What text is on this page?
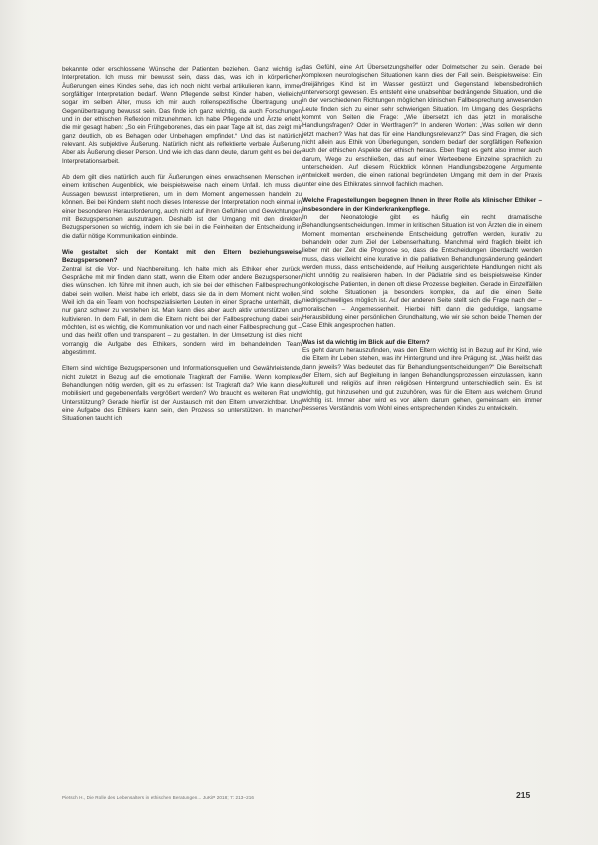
bekannte oder erschlossene Wünsche der Patienten beziehen. Ganz wichtig ist Interpretation. Ich muss mir bewusst sein, dass das, was ich in körperlichen Äußerungen eines Kindes sehe, das ich noch nicht verbal artikulieren kann, immer sorgfältiger Interpretation bedarf. Wenn Pflegende selbst Kinder haben, vielleicht sogar im selben Alter, muss ich mir auch rollenspezifische Übertragung und Gegenübertragung bewusst sein. Das finde ich ganz wichtig, da auch Forschungen und in der ethischen Reflexion mitzunehmen. Ich habe Pflegende und Ärzte erlebt, die mir gesagt haben: „So ein Frühgeborenes, das ein paar Tage alt ist, das zeigt mir ganz deutlich, ob es Behagen oder Unbehagen empfindet.“ Und das ist natürlich relevant. Als subjektive Äußerung. Natürlich nicht als reflektierte verbale Äußerung. Aber als Äußerung dieser Person. Und wie ich das dann deute, darum geht es bei der Interpretationsarbeit.

Ab dem gilt dies natürlich auch für Äußerungen eines erwachsenen Menschen in einem kritischen Augenblick, wie beispielsweise nach einem Unfall. Ich muss die Aussagen bewusst interpretieren, um in dem Moment angemessen handeln zu können. Bei bei Kindern steht noch dieses Interesse der Interpretation noch einmal in einer besonderen Herausforderung, auch nicht auf ihren Gefühlen und Gewichtungen mit Bezugspersonen auszutragen. Deshalb ist der Umgang mit den direkten Bezugspersonen so wichtig, indem ich sie bei in die Feinheiten der Entscheidung in die dafür nötige Kommunikation einbinde.

Wie gestaltet sich der Kontakt mit den Eltern beziehungsweise Bezugspersonen?

Zentral ist die Vor- und Nachbereitung. Ich halte mich als Ethiker eher zurück. Gespräche mit mir finden dann statt, wenn die Eltern oder andere Bezugspersonen dies wünschen. Ich führe mit ihnen auch, ich sie bei der ethischen Fallbesprechung dabei sein wollen. Meist habe ich erlebt, dass sie da in dem Moment nicht wollen. Weil ich da ein Team von hochspezialisierten Leuten in einer Sprache unterhält, die nur ganz schwer zu verstehen ist. Man kann dies aber auch aktiv unterstützen und kultivieren. In dem Fall, in dem die Eltern nicht bei der Fallbesprechung dabei sein möchten, ist es wichtig, die Kommunikation vor und nach einer Fallbesprechung gut – und das heißt offen und transparent – zu gestalten. In der Umsetzung ist dies nicht vorrangig die Aufgabe des Ethikers, sondern wird im behandelnden Team abgestimmt.

Eltern sind wichtige Bezugspersonen und Informationsquellen und Gewährleistende, nicht zuletzt in Bezug auf die emotionale Tragkraft der Familie. Wenn komplexe Behandlungen nötig werden, gilt es zu erfassen: Ist Tragkraft da? Wie kann diese mobilisiert und gegebenenfalls vergrößert werden? Wo braucht es weiteren Rat und Unterstützung? Gerade hierfür ist der Austausch mit den Eltern unverzichtbar. Und eine Aufgabe des Ethikers kann sein, den Prozess so unterstützen. In manchen Situationen taucht ich

das Gefühl, eine Art Übersetzungshelfer oder Dolmetscher zu sein. Gerade bei komplexen neurologischen Situationen kann dies der Fall sein. Beispielsweise: Ein dreijähriges Kind ist im Wasser gestürzt und Gegenstand lebensbedrohlich unterversorgt gewesen. Es entsteht eine unabsehbar bedrängende Situation, und die in der verschiedenen Richtungen möglichen klinischen Fallbesprechung anwesenden Leute finden sich zu einer sehr schwierigen Situation. Im Umgang des Gesprächs kommt von Seiten die Frage: „Wie übersetzt ich das jetzt in moralische Handlungsfragen? Oder in Wertfragen?“ In anderen Worten: „Was sollen wir denn jetzt machen? Was hat das für eine Handlungsrelevanz?“ Das sind Fragen, die sich nicht allein aus Ethik von Überlegungen, sondern bedarf der sorgfältigen Reflexion auch der ethischen Aspekte der ethisch heraus. Eben fragt es geht also immer auch darum, Wege zu erschließen, das auf einer Werteebene Einzelne sprachlich zu unterscheiden. Auf diesem Rückblick können Handlungsbezogene Argumente entwickelt werden, die einen rational begründeten Umgang mit dem in der Praxis unter eine des Ethikrates sinnvoll fachlich machen.

Welche Fragestellungen begegnen Ihnen in Ihrer Rolle als klinischer Ethiker – insbesondere in der Kinderkrankenpflege.

In der Neonatologie gibt es häufig ein recht dramatische Behandlungsentscheidungen. Immer in kritischen Situation ist von Ärzten die in einem Moment momentan erscheinende Entscheidung getroffen werden, kurativ zu behandeln oder zum Ziel der Lebenserhaltung. Manchmal wird fraglich bleibt ich lieber mit der Zeit die Prognose so, dass die Entscheidungen überdacht werden muss, dass vielleicht eine kurative in die palliativen Behandlungsänderung geändert werden muss, dass entscheidende, auf Heilung ausgerichtete Handlungen nicht als nicht unnötig zu realisieren haben. In der Pädiatrie sind es beispielsweise Kinder onkologische Patienten, in denen oft diese Prozesse begleiten. Gerade in Einzelfällen sind solche Situationen ja besonders komplex, da auf die einen Seite niedrigschwelliges möglich ist. Auf der anderen Seite stellt sich die Frage nach der – moralischen – Angemessenheit. Hierbei hilft dann die geduldige, langsame Herausbildung einer persönlichen Grundhaltung, wie wir sie schon beide Themen der Case Ethik angesprochen hatten.

Was ist da wichtig im Blick auf die Eltern?

Es geht darum herauszufinden, was den Eltern wichtig ist in Bezug auf ihr Kind, wie die Eltern ihr Leben stehen, was ihr Hintergrund und ihre Prägung ist. „Was heißt das dann jeweils? Was bedeutet das für Behandlungsentscheidungen?“ Die Bereitschaft der Eltern, sich auf Begleitung in langen Behandlungsprozessen einzulassen, kann kulturell und religiös auf ihren religiösen Hintergrund unterschiedlich sein. Es ist wichtig, gut hinzusehen und gut zuzuhören, was für die Eltern aus welchem Grund wichtig ist. Immer aber wird es vor allem darum gehen, gemeinsam ein immer besseres Verständnis vom Wohl eines entsprechenden Kindes zu entwickeln.

Pietsch H., Die Rolle des Lebensalters in ethischen Beratungen... JuKiP 2018; 7: 213–216	215
